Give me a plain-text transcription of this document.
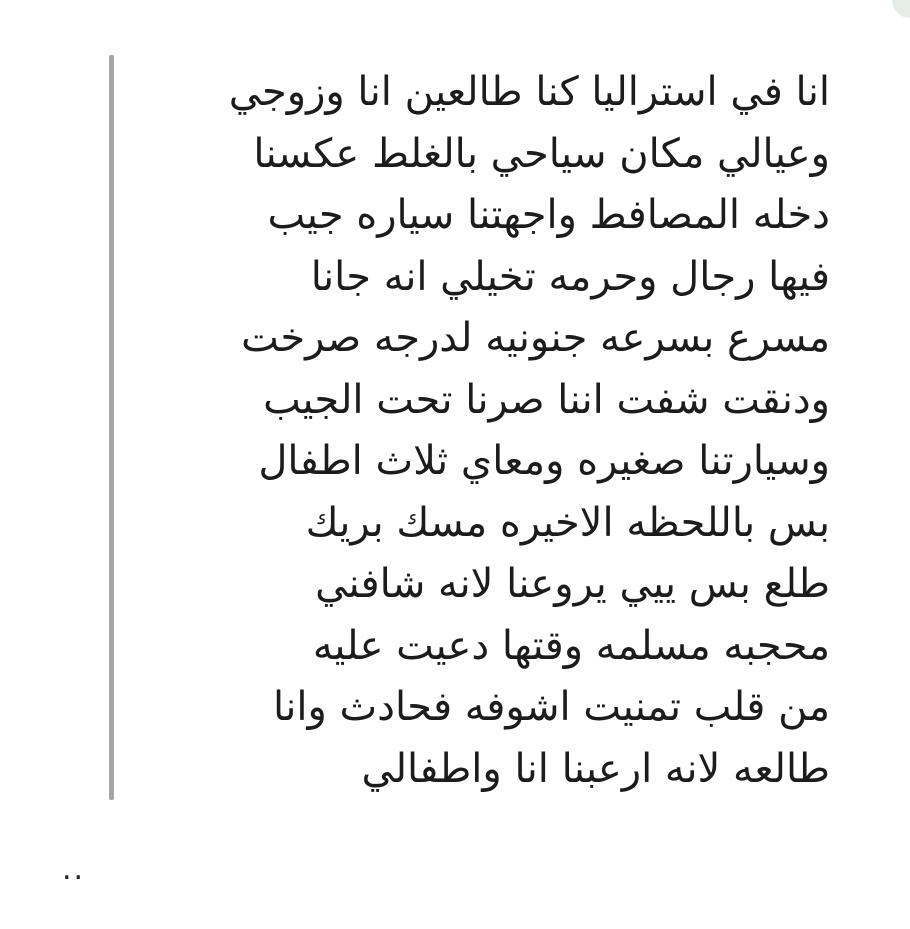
انا في استراليا كنا طالعين انا وزوجي
وعيالي مكان سياحي بالغلط عكسنا
دخله المصافط واجهتنا سياره جيب
فيها رجال وحرمه تخيلي انه جانا
مسرع بسرعه جنونيه لدرجه صرخت
ودنقت شفت اننا صرنا تحت الجيب
وسيارتنا صغيره ومعاي ثلاث اطفال
بس باللحظه الاخيره مسك بريك
طلع بس ييي يروعنا لانه شافني
محجبه مسلمه وقتها دعيت عليه
من قلب تمنيت اشوفه فحادث وانا
طالعه لانه ارعبنا انا واطفالي
..
